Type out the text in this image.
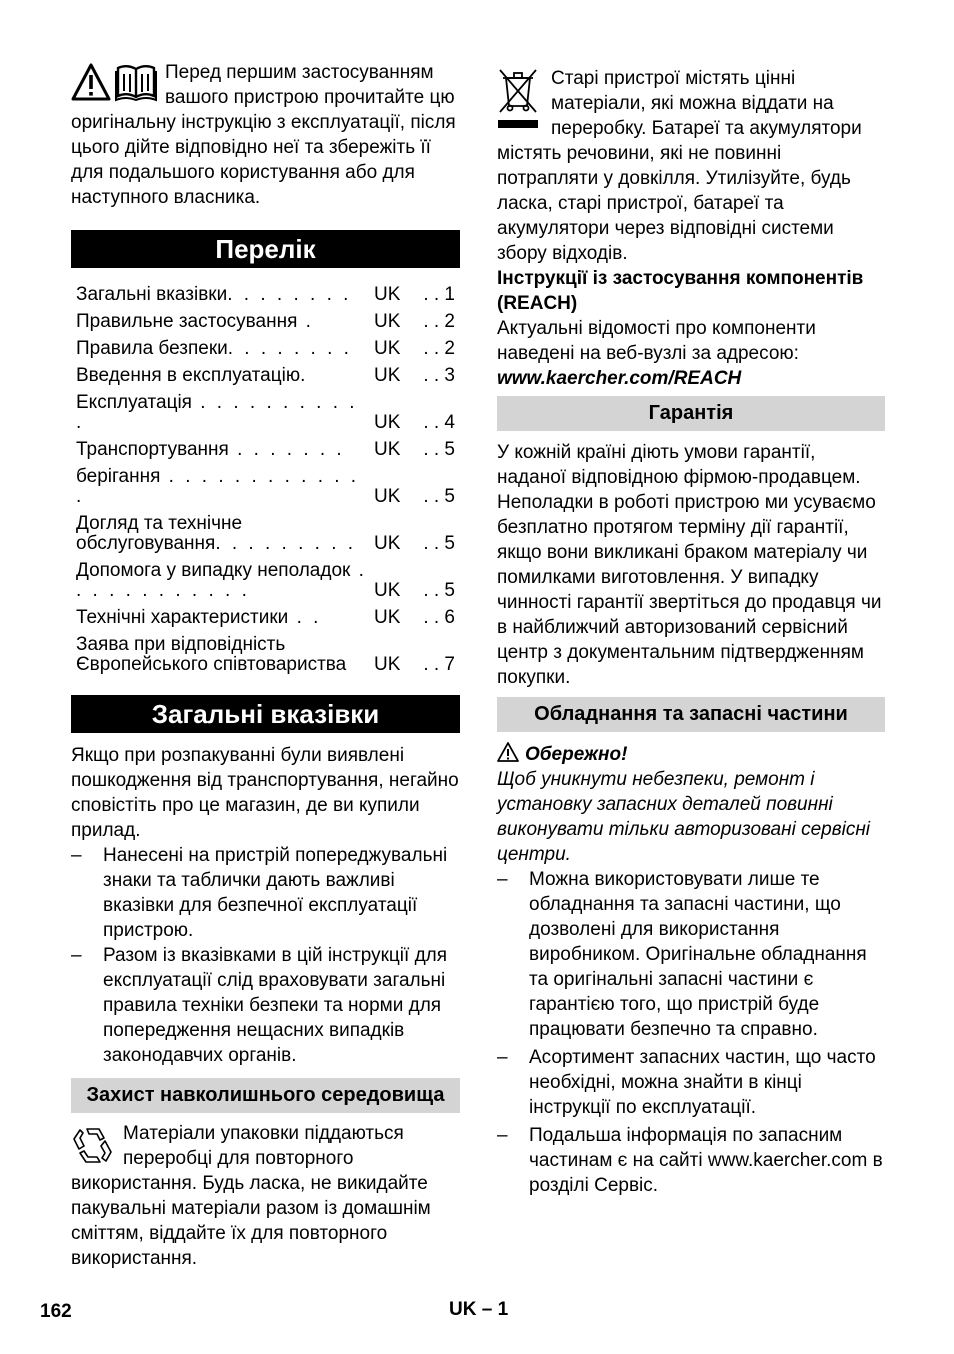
Перед першим застосуванням вашого пристрою прочитайте цю оригінальну інструкцію з експлуатації, після цього дійте відповідно неї та збережіть її для подальшого користування або для наступного власника.

Перелік
Загальні вказівки. . . . . . . .	UK	. . 1
Правильне застосування .	UK	. . 2
Правила безпеки. . . . . . . .	UK	. . 2
Введення в експлуатацію.	UK	. . 3
Експлуатація . . . . . . . . . . .	UK	. . 4
Транспортування . . . . . . .	UK	. . 5
берігання . . . . . . . . . . . . .	UK	. . 5
Догляд та технічне обслуговування. . . . . . . . .	UK	. . 5
Допомога у випадку неполадок . . . . . . . . . . . .	UK	. . 5
Технічні характеристики . .	UK	. . 6
Заява при відповідність Європейського співтовариства	UK	. . 7
Загальні вказівки

Якщо при розпакуванні були виявлені пошкодження від транспортування, негайно сповістіть про це магазин, де ви купили прилад.

– Нанесені на пристрій попереджувальні знаки та таблички дають важливі вказівки для безпечної експлуатації пристрою.
– Разом із вказівками в цій інструкції для експлуатації слід враховувати загальні правила техніки безпеки та норми для попередження нещасних випадків законодавчих органів.
Захист навколишнього середовища

Матеріали упаковки піддаються переробці для повторного використання. Будь ласка, не викидайте пакувальні матеріали разом із домашнім сміттям, віддайте їх для повторного використання.

Старі пристрої містять цінні матеріали, які можна віддати на переробку. Батареї та акумулятори містять речовини, які не повинні потрапляти у довкілля. Утилізуйте, будь ласка, старі пристрої, батареї та акумулятори через відповідні системи збору відходів.

Інструкції із застосування компонентів (REACH)

Актуальні відомості про компоненти наведені на веб-вузлі за адресою:

www.kaercher.com/REACH

Гарантія

У кожній країні діють умови гарантії, наданої відповідною фірмою-продавцем. Неполадки в роботі пристрою ми усуваємо безплатно протягом терміну дії гарантії, якщо вони викликані браком матеріалу чи помилками виготовлення. У випадку чинності гарантії звертіться до продавця чи в найближчий авторизований сервісний центр з документальним підтвердженням покупки.

Обладнання та запасні частини
Обережно!

Щоб уникнути небезпеки, ремонт і установку запасних деталей повинні виконувати тільки авторизовані сервісні центри.

– Можна використовувати лише те обладнання та запасні частини, що дозволені для використання виробником. Оригінальне обладнання та оригінальні запасні частини є гарантією того, що пристрій буде працювати безпечно та справно.
– Асортимент запасних частин, що часто необхідні, можна знайти в кінці інструкції по експлуатації.
– Подальша інформація по запасним частинам є на сайті www.kaercher.com в розділі Сервіс.
162	UK – 1
